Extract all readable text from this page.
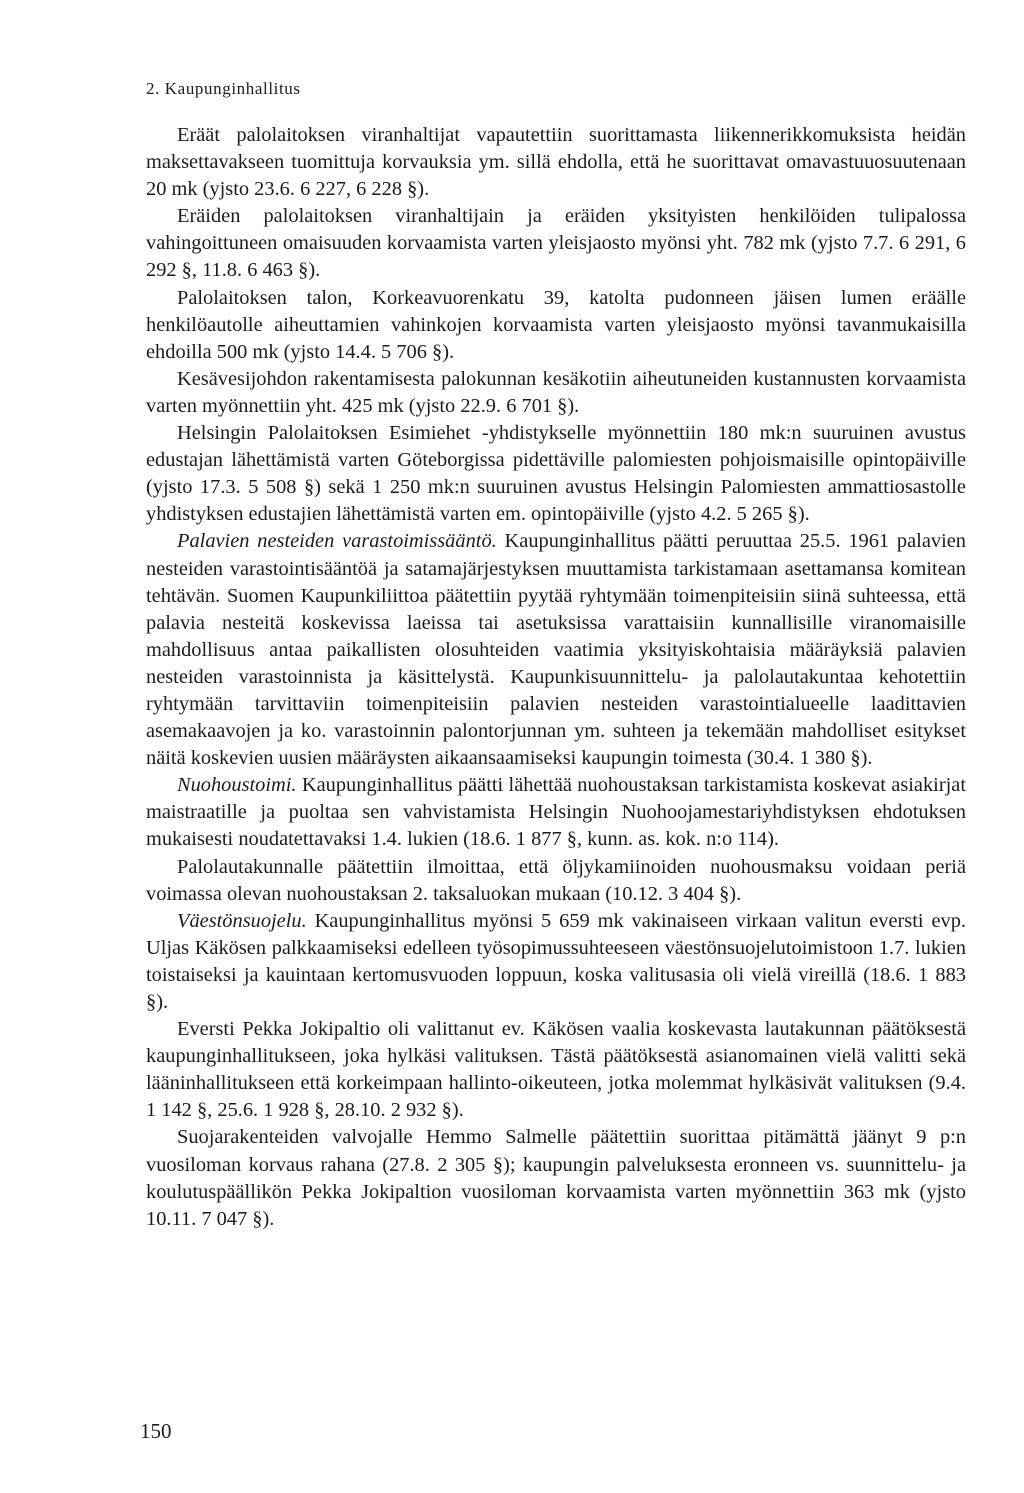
2. Kaupunginhallitus

Eräät palolaitoksen viranhaltijat vapautettiin suorittamasta liikennerikkomuksista heidän maksettavakseen tuomittuja korvauksia ym. sillä ehdolla, että he suorittavat omavastuuosuutenaan 20 mk (yjsto 23.6. 6 227, 6 228 §).

Eräiden palolaitoksen viranhaltijain ja eräiden yksityisten henkilöiden tulipalossa vahingoittuneen omaisuuden korvaamista varten yleisjaosto myönsi yht. 782 mk (yjsto 7.7. 6 291, 6 292 §, 11.8. 6 463 §).

Palolaitoksen talon, Korkeavuorenkatu 39, katolta pudonneen jäisen lumen eräälle henkilöautolle aiheuttamien vahinkojen korvaamista varten yleisjaosto myönsi tavanmukaisilla ehdoilla 500 mk (yjsto 14.4. 5 706 §).

Kesävesijohdon rakentamisesta palokunnan kesäkotiin aiheutuneiden kustannusten korvaamista varten myönnettiin yht. 425 mk (yjsto 22.9. 6 701 §).

Helsingin Palolaitoksen Esimiehet -yhdistykselle myönnettiin 180 mk:n suuruinen avustus edustajan lähettämistä varten Göteborgissa pidettäville palomiesten pohjoismaisille opintopäiville (yjsto 17.3. 5 508 §) sekä 1 250 mk:n suuruinen avustus Helsingin Palomiesten ammattiosastolle yhdistyksen edustajien lähettämistä varten em. opintopäiville (yjsto 4.2. 5 265 §).

Palavien nesteiden varastoimissääntö. Kaupunginhallitus päätti peruuttaa 25.5. 1961 palavien nesteiden varastointisääntöä ja satamajärjestyksen muuttamista tarkistamaan asettamansa komitean tehtävän. Suomen Kaupunkiliittoa päätettiin pyytää ryhtymään toimenpiteisiin siinä suhteessa, että palavia nesteitä koskevissa laeissa tai asetuksissa varattaisiin kunnallisille viranomaisille mahdollisuus antaa paikallisten olosuhteiden vaatimia yksityiskohtaisia määräyksiä palavien nesteiden varastoinnista ja käsittelystä. Kaupunkisuunnittelu- ja palolautakuntaa kehotettiin ryhtymään tarvittaviin toimenpiteisiin palavien nesteiden varastointialueelle laadittavien asemakaavojen ja ko. varastoinnin palontorjunnan ym. suhteen ja tekemään mahdolliset esitykset näitä koskevien uusien määräysten aikaansaamiseksi kaupungin toimesta (30.4. 1 380 §).

Nuohoustoimi. Kaupunginhallitus päätti lähettää nuohoustaksan tarkistamista koskevat asiakirjat maistraatille ja puoltaa sen vahvistamista Helsingin Nuohoojamestariyhdistyksen ehdotuksen mukaisesti noudatettavaksi 1.4. lukien (18.6. 1 877 §, kunn. as. kok. n:o 114).

Palolautakunnalle päätettiin ilmoittaa, että öljykamiinoiden nuohousmaksu voidaan periä voimassa olevan nuohoustaksan 2. taksaluokan mukaan (10.12. 3 404 §).

Väestönsuojelu. Kaupunginhallitus myönsi 5 659 mk vakinaiseen virkaan valitun eversti evp. Uljas Käkösen palkkaamiseksi edelleen työsopimussuhteeseen väestönsuojelutoimistoon 1.7. lukien toistaiseksi ja kauintaan kertomusvuoden loppuun, koska valitusasia oli vielä vireillä (18.6. 1 883 §).

Eversti Pekka Jokipaltio oli valittanut ev. Käkösen vaalia koskevasta lautakunnan päätöksestä kaupunginhallitukseen, joka hylkäsi valituksen. Tästä päätöksestä asianomainen vielä valitti sekä lääninhallitukseen että korkeimpaan hallinto-oikeuteen, jotka molemmat hylkäsivät valituksen (9.4. 1 142 §, 25.6. 1 928 §, 28.10. 2 932 §).

Suojarakenteiden valvojalle Hemmo Salmelle päätettiin suorittaa pitämättä jäänyt 9 p:n vuosiloman korvaus rahana (27.8. 2 305 §); kaupungin palveluksesta eronneen vs. suunnittelu- ja koulutuspäällikön Pekka Jokipaltion vuosiloman korvaamista varten myönnettiin 363 mk (yjsto 10.11. 7 047 §).

150
